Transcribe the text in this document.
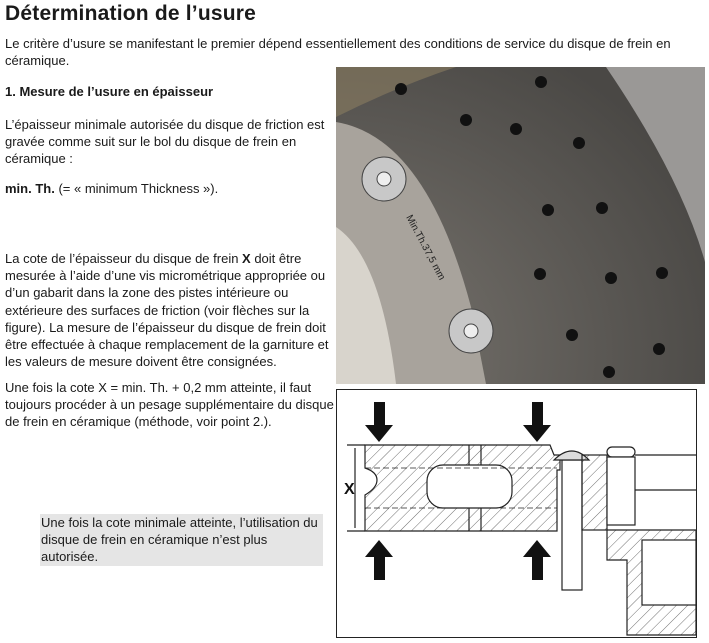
Détermination de l’usure
Le critère d’usure se manifestant le premier dépend essentiellement des conditions de service du disque de frein en céramique.
1. Mesure de l’usure en épaisseur
L’épaisseur minimale autorisée du disque de friction est gravée comme suit sur le bol du disque de frein en céramique :
min. Th. (= « minimum Thickness »).
La cote de l’épaisseur du disque de frein X doit être mesurée à l’aide d’une vis micrométrique appropriée ou d’un gabarit dans la zone des pistes intérieure ou extérieure des surfaces de friction (voir flèches sur la figure). La mesure de l’épaisseur du disque de frein doit être effectuée à chaque remplacement de la garniture et les valeurs de mesure doivent être consignées.
Une fois la cote X = min. Th. + 0,2 mm atteinte, il faut toujours procéder à un pesage supplémentaire du disque de frein en céramique (méthode, voir point 2.).
Une fois la cote minimale atteinte, l’utilisation du disque de frein en céramique n’est plus autorisée.
Min.Th.37,5 mm
X
